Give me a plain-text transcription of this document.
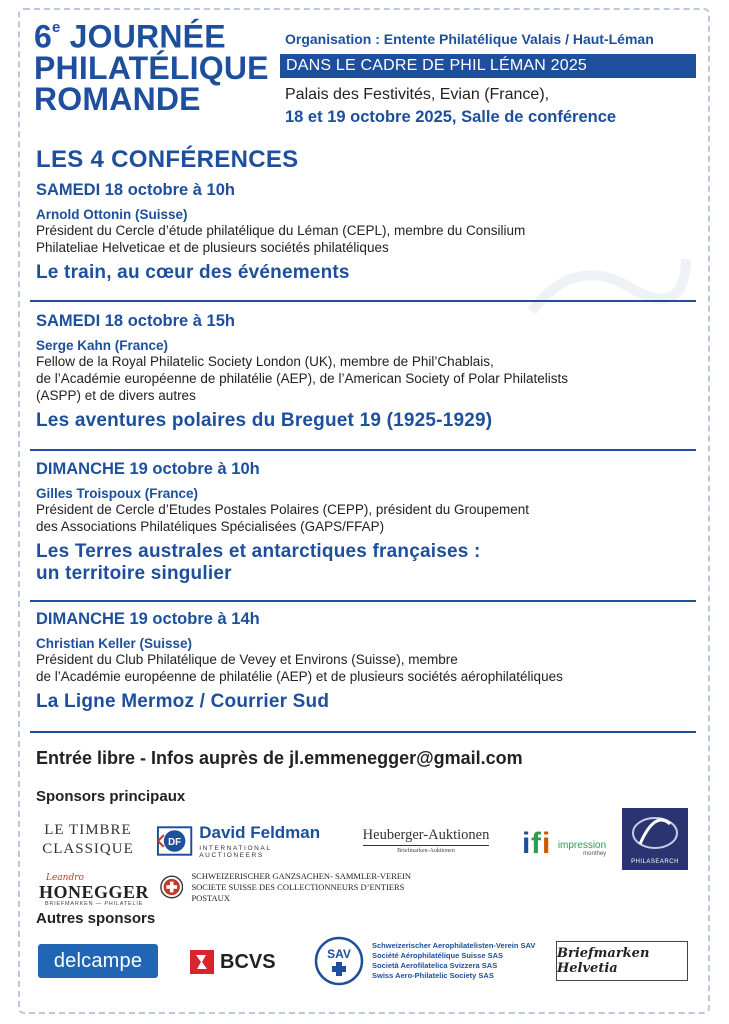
6e JOURNÉE
PHILATÉLIQUE
ROMANDE
Organisation : Entente Philatélique Valais / Haut-Léman
DANS LE CADRE DE PHIL LÉMAN 2025
Palais des Festivités, Evian (France),
18 et 19 octobre 2025, Salle de conférence
LES 4 CONFÉRENCES
SAMEDI 18 octobre à 10h
Arnold Ottonin (Suisse)
Président du Cercle d’étude philatélique du Léman (CEPL), membre du Consilium
Philateliae Helveticae et de plusieurs sociétés philatéliques
Le train, au cœur des événements
SAMEDI 18 octobre à 15h
Serge Kahn (France)
Fellow de la Royal Philatelic Society London (UK), membre de Phil’Chablais,
de l’Académie européenne de philatélie (AEP), de l’American Society of Polar Philatelists
(ASPP) et de divers autres
Les aventures polaires du Breguet 19 (1925-1929)
DIMANCHE 19 octobre à 10h
Gilles Troispoux (France)
Président de Cercle d’Etudes Postales Polaires (CEPP), président du Groupement
des Associations Philatéliques Spécialisées (GAPS/FFAP)
Les Terres australes et antarctiques françaises :
un territoire singulier
DIMANCHE 19 octobre à 14h
Christian Keller (Suisse)
Président du Club Philatélique de Vevey et Environs (Suisse), membre
de l’Académie européenne de philatélie (AEP) et de plusieurs sociétés aérophilatéliques
La Ligne Mermoz / Courrier Sud
Entrée libre - Infos auprès de jl.emmenegger@gmail.com
Sponsors principaux
LE TIMBRE
CLASSIQUE	DF
David Feldman
INTERNATIONAL AUCTIONEERS
Heuberger-Auktionen
Briefmarken-Auktionen i f i impression
monthey
PHILASEARCH
Leandro
HONEGGER
BRIEFMARKEN — PHILATELIE
SCHWEIZERISCHER GANZSACHEN- SAMMLER-VEREIN
SOCIETE SUISSE DES COLLECTIONNEURS D’ENTIERS POSTAUX
Autres sponsors
delcampe	BCVS	SAV
Schweizerischer Aerophilatelisten-Verein SAV
Société Aérophilatélique Suisse SAS
Società Aerofilatelica Svizzera SAS
Swiss Aero-Philatelic Society SAS
Briefmarken Helvetia
